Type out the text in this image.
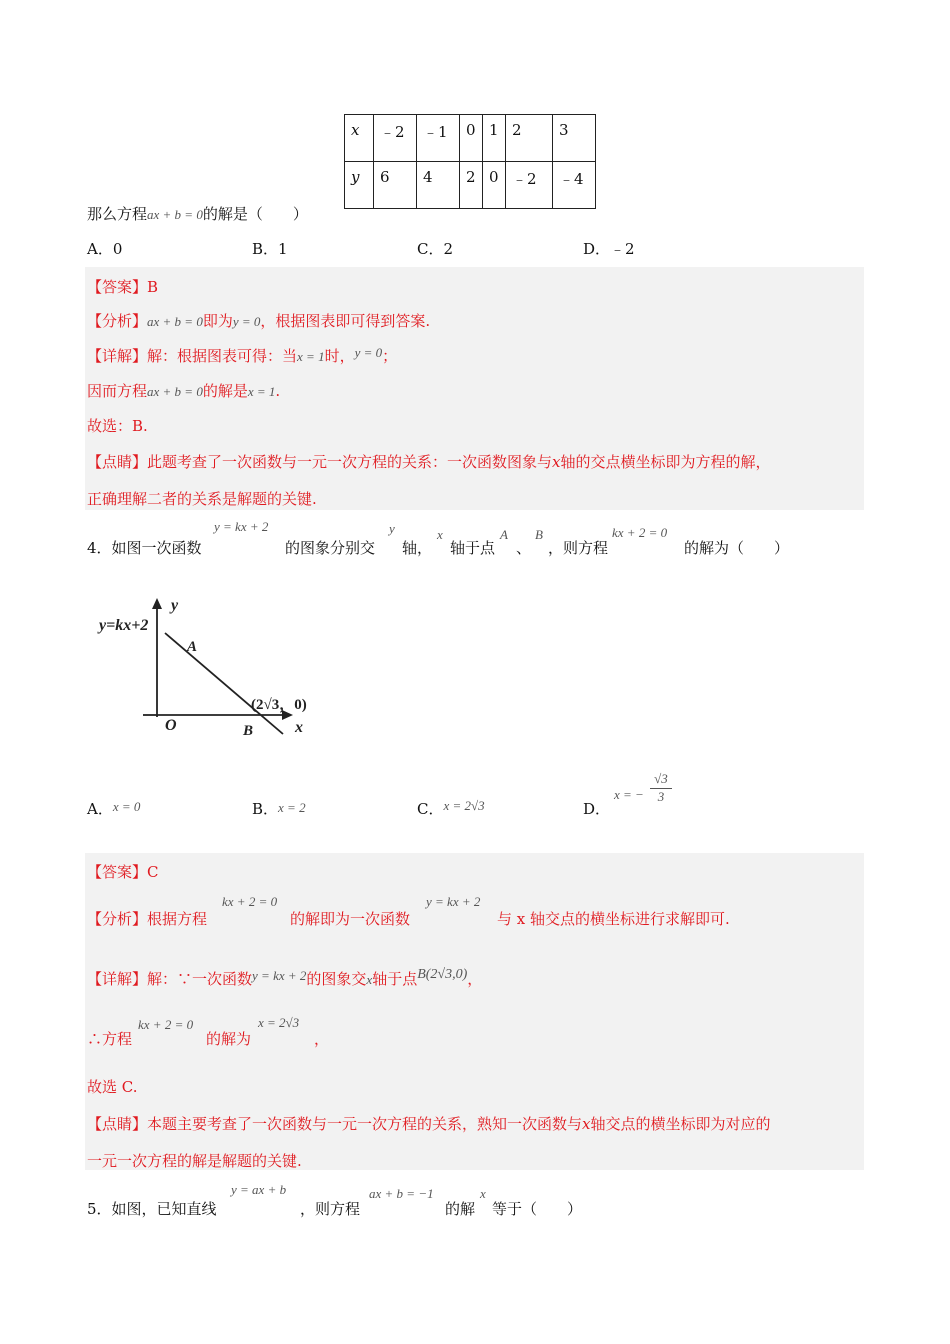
x	﹣2	﹣1	0	1	2	3
y	6	4	2	0	﹣2	﹣4
那么方程ax + b = 0的解是（　　）
A．0	B．1	C．2	D．﹣2
【答案】B
【分析】ax + b = 0即为y = 0，根据图表即可得到答案.
【详解】解：根据图表可得：当x = 1时，y = 0；
因而方程ax + b = 0的解是x = 1.
故选：B.
【点睛】此题考查了一次函数与一元一次方程的关系：一次函数图象与x轴的交点横坐标即为方程的解，
正确理解二者的关系是解题的关键.
4．如图一次函数
y = kx + 2
的图象分别交
y
轴，
x
轴于点
A
、
B
，则方程
kx + 2 = 0
的解为（　　）
y=kx+2
y
x
O
A
B
(2√3，0)
A．x = 0	B．x = 2	C．x = 2√3	D．
x = − $\frac{√3}{3}$
【答案】C
【分析】根据方程
kx + 2 = 0
的解即为一次函数
y = kx + 2
与 x 轴交点的横坐标进行求解即可.
【详解】解：∵一次函数y = kx + 2的图象交x轴于点B(2√3,0)，
∴方程
kx + 2 = 0
的解为
x = 2√3
，
故选 C.
【点睛】本题主要考查了一次函数与一元一次方程的关系，熟知一次函数与x轴交点的横坐标即为对应的
一元一次方程的解是解题的关键.
5．如图，已知直线
y = ax + b
，则方程
ax + b = −1
的解
x
等于（　　）
